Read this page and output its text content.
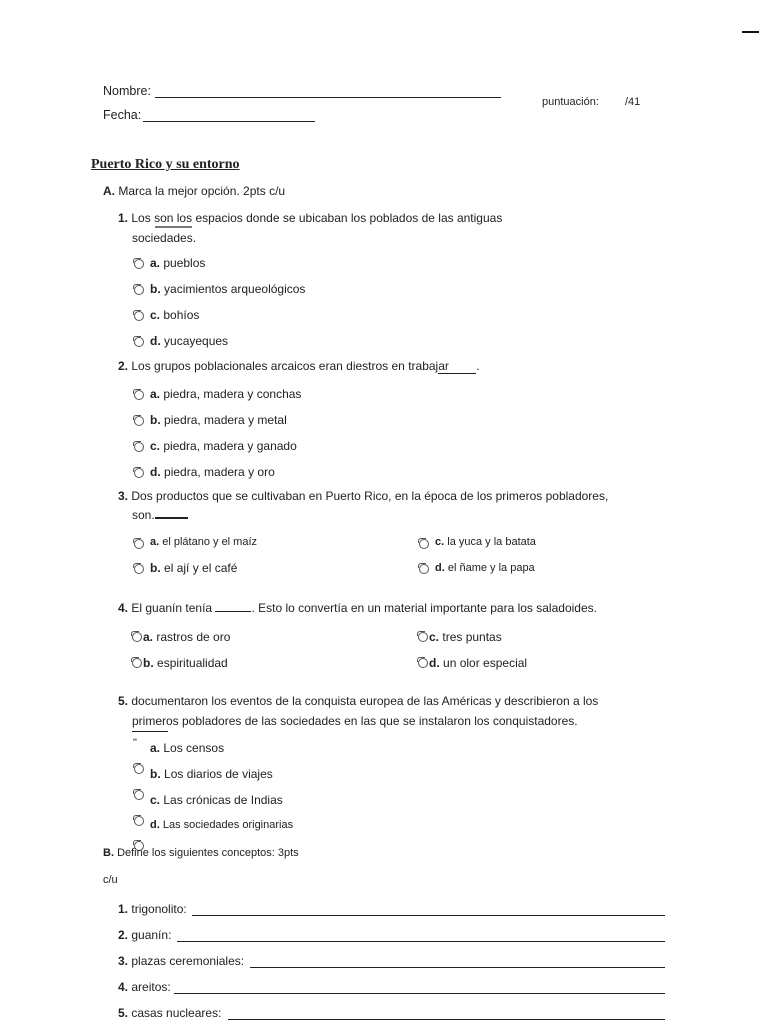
Nombre:
Fecha:
puntuación: /41
Puerto Rico y su entorno
A. Marca la mejor opción. 2pts c/u
1. Los son los espacios donde se ubicaban los poblados de las antiguas
sociedades.
a. pueblos
b. yacimientos arqueológicos
c. bohíos
d. yucayeques
2. Los grupos poblacionales arcaicos eran diestros en trabajar .
a. piedra, madera y conchas
b. piedra, madera y metal
c. piedra, madera y ganado
d. piedra, madera y oro
3. Dos productos que se cultivaban en Puerto Rico, en la época de los primeros pobladores,
son.
a. el plátano y el maíz
b. el ají y el café
c. la yuca y la batata
d. el ñame y la papa
4. El guanín tenía	. Esto lo convertía en un material importante para los saladoides.
a. rastros de oro
b. espiritualidad
c. tres puntas
d. un olor especial
5. documentaron los eventos de la conquista europea de las Américas y describieron a los
primeros pobladores de las sociedades en las que se instalaron los conquistadores.
" a. Los censos
b. Los diarios de viajes
c. Las crónicas de Indias
d. Las sociedades originarias
B. Define los siguientes conceptos: 3pts
c/u
1. trigonolito:
2. guanín:
3. plazas ceremoniales:
4. areitos:
5. casas nucleares:
